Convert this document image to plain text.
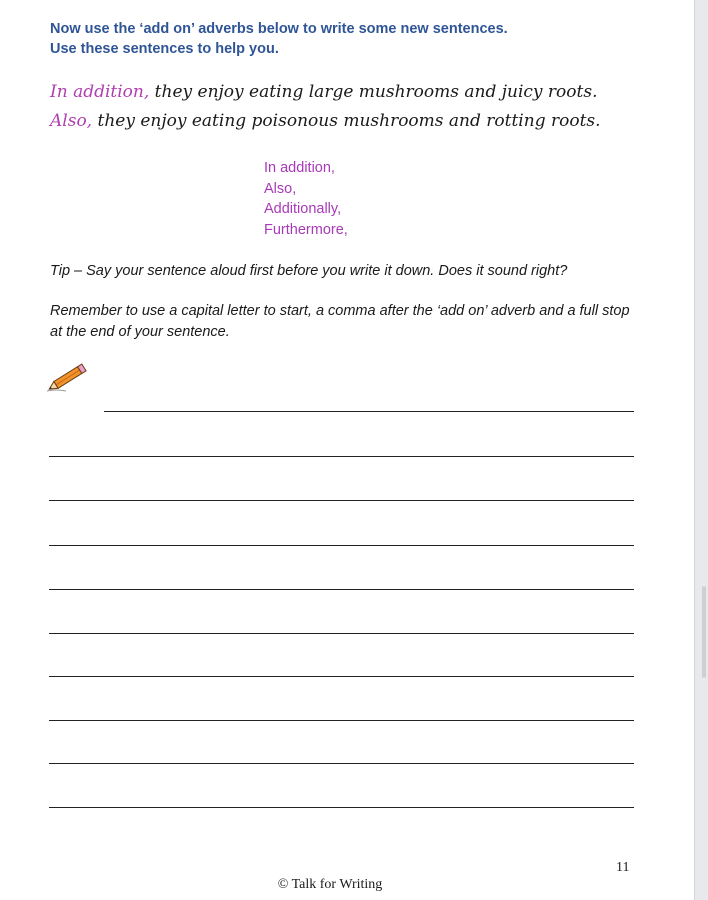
Now use the ‘add on’ adverbs below to write some new sentences.
Use these sentences to help you.
In addition, they enjoy eating large mushrooms and juicy roots.
Also, they enjoy eating poisonous mushrooms and rotting roots.
In addition,
Also,
Additionally,
Furthermore,
Tip – Say your sentence aloud first before you write it down. Does it sound right?
Remember to use a capital letter to start, a comma after the ‘add on’ adverb and a full stop at the end of your sentence.
11
© Talk for Writing
